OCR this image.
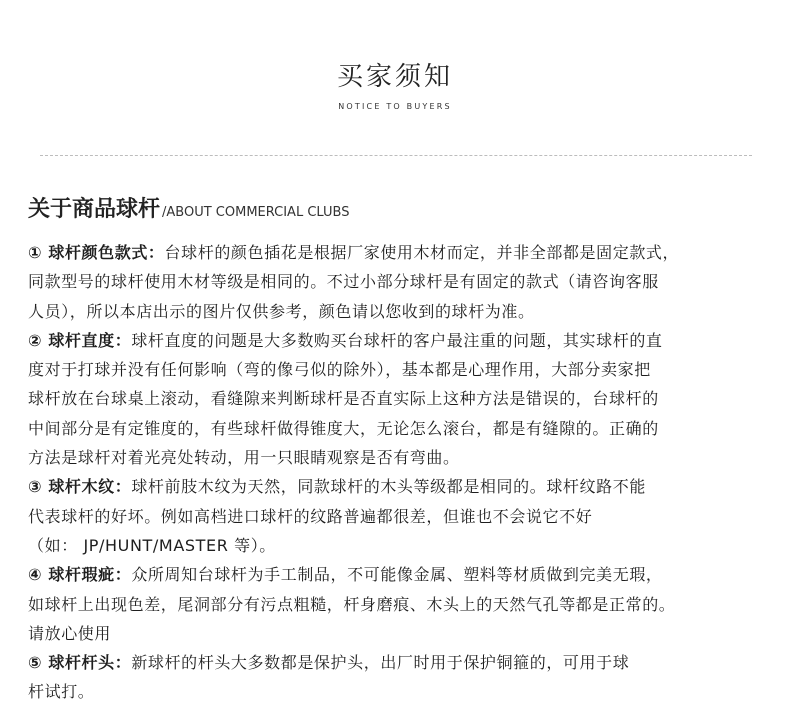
买家须知
NOTICE TO BUYERS
关于商品球杆 /ABOUT COMMERCIAL CLUBS
① 球杆颜色款式：台球杆的颜色插花是根据厂家使用木材而定，并非全部都是固定款式，
同款型号的球杆使用木材等级是相同的。不过小部分球杆是有固定的款式（请咨询客服
人员），所以本店出示的图片仅供参考，颜色请以您收到的球杆为准。
② 球杆直度：球杆直度的问题是大多数购买台球杆的客户最注重的问题，其实球杆的直
度对于打球并没有任何影响（弯的像弓似的除外），基本都是心理作用，大部分卖家把
球杆放在台球桌上滚动，看缝隙来判断球杆是否直实际上这种方法是错误的，台球杆的
中间部分是有定锥度的，有些球杆做得锥度大，无论怎么滚台，都是有缝隙的。正确的
方法是球杆对着光亮处转动，用一只眼睛观察是否有弯曲。
③ 球杆木纹：球杆前肢木纹为天然，同款球杆的木头等级都是相同的。球杆纹路不能
代表球杆的好坏。例如高档进口球杆的纹路普遍都很差，但谁也不会说它不好
（如： JP/HUNT/MASTER 等）。
④ 球杆瑕疵：众所周知台球杆为手工制品，不可能像金属、塑料等材质做到完美无瑕，
如球杆上出现色差，尾洞部分有污点粗糙，杆身磨痕、木头上的天然气孔等都是正常的。
请放心使用
⑤ 球杆杆头：新球杆的杆头大多数都是保护头，出厂时用于保护铜箍的，可用于球
杆试打。
